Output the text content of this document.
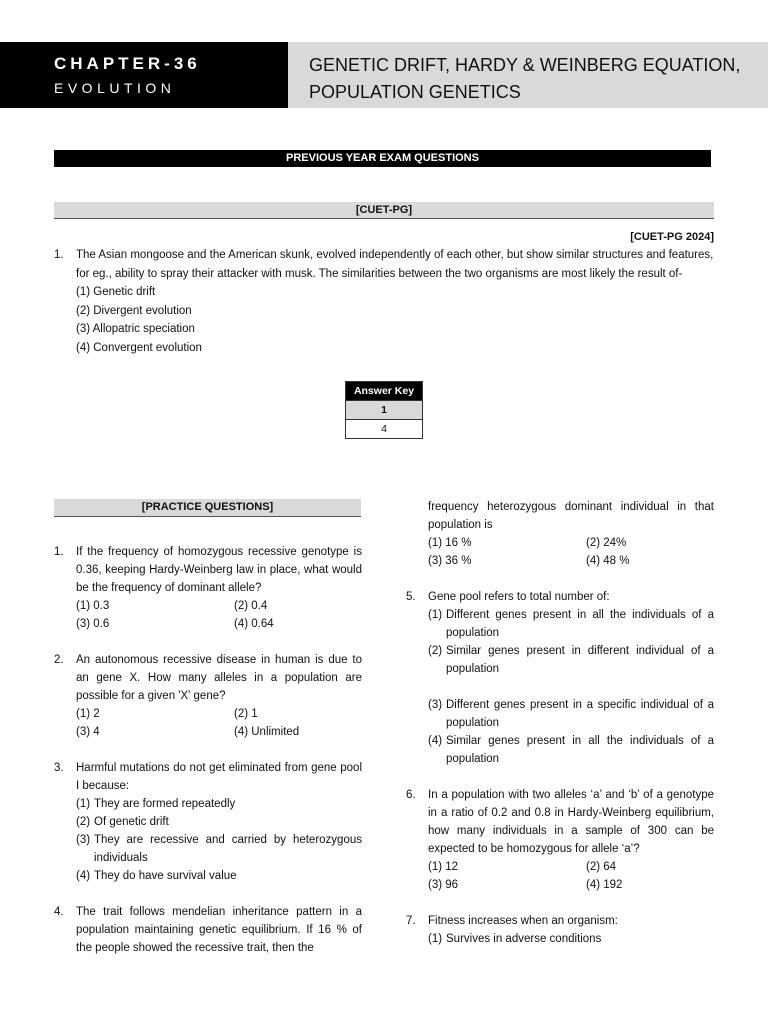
CHAPTER-36
EVOLUTION
GENETIC DRIFT, HARDY & WEINBERG EQUATION, POPULATION GENETICS
PREVIOUS YEAR EXAM QUESTIONS
[CUET-PG]
[CUET-PG 2024]
1. The Asian mongoose and the American skunk, evolved independently of each other, but show similar structures and features, for eg., ability to spray their attacker with musk. The similarities between the two organisms are most likely the result of-
(1) Genetic drift
(2) Divergent evolution
(3) Allopatric speciation
(4) Convergent evolution
Answer Key
1
4
[PRACTICE QUESTIONS]
1. If the frequency of homozygous recessive genotype is 0.36, keeping Hardy-Weinberg law in place, what would be the frequency of dominant allele?
(1) 0.3	(2) 0.4
(3) 0.6	(4) 0.64
2. An autonomous recessive disease in human is due to an gene X. How many alleles in a population are possible for a given 'X' gene?
(1) 2	(2) 1
(3) 4	(4) Unlimited
3. Harmful mutations do not get eliminated from gene pool I because:
(1) They are formed repeatedly
(2) Of genetic drift
(3) They are recessive and carried by heterozygous individuals
(4) They do have survival value
4. The trait follows mendelian inheritance pattern in a population maintaining genetic equilibrium. If 16 % of the people showed the recessive trait, then the
frequency heterozygous dominant individual in that population is
(1) 16 %	(2) 24%
(3) 36 %	(4) 48 %
5. Gene pool refers to total number of:
(1) Different genes present in all the individuals of a population
(2) Similar genes present in different individual of a population
(3) Different genes present in a specific individual of a population
(4) Similar genes present in all the individuals of a population
6. In a population with two alleles ‘a’ and ‘b’ of a genotype in a ratio of 0.2 and 0.8 in Hardy-Weinberg equilibrium, how many individuals in a sample of 300 can be expected to be homozygous for allele ‘a’?
(1) 12	(2) 64
(3) 96	(4) 192
7. Fitness increases when an organism:
(1) Survives in adverse conditions
